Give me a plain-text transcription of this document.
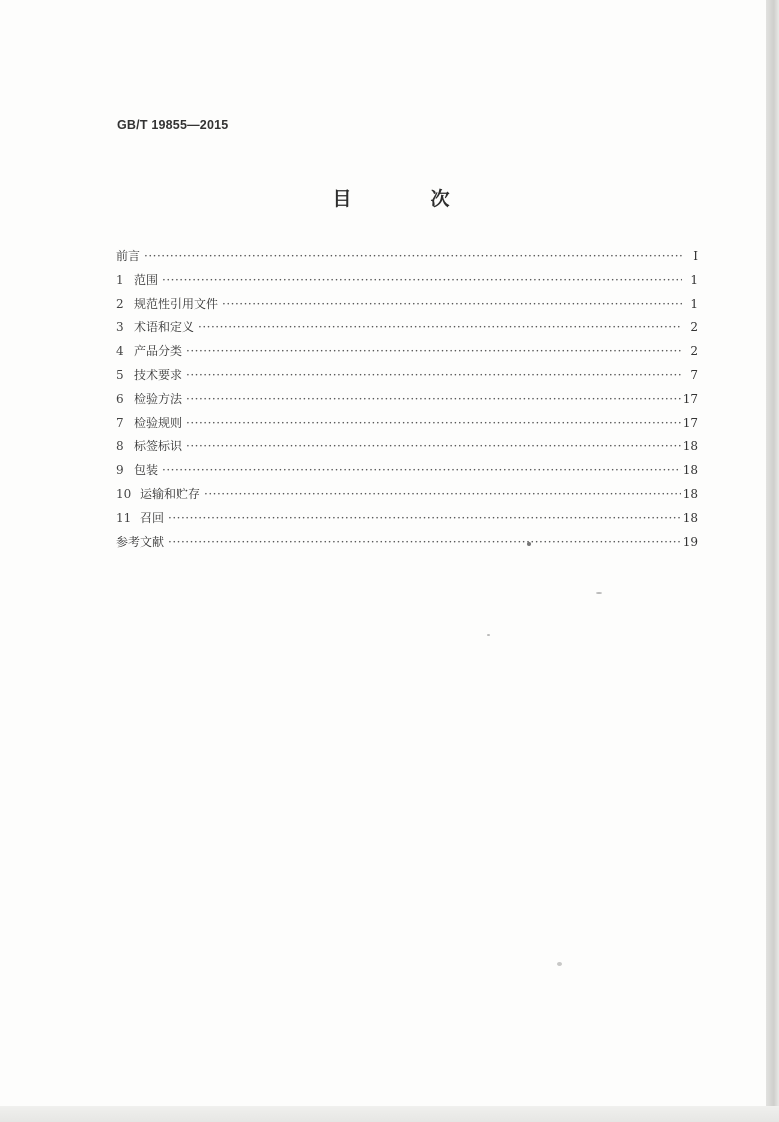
GB/T 19855—2015
目　次
前言 ·····	Ⅰ
1 范围 ·····	1
2 规范性引用文件 ·····	1
3 术语和定义 ·····	2
4 产品分类 ·····	2
5 技术要求 ·····	7
6 检验方法 ·····	17
7 检验规则 ·····	17
8 标签标识 ·····	18
9 包装 ·····	18
10 运输和贮存 ·····	18
11 召回 ·····	18
参考文献 ·····	19
